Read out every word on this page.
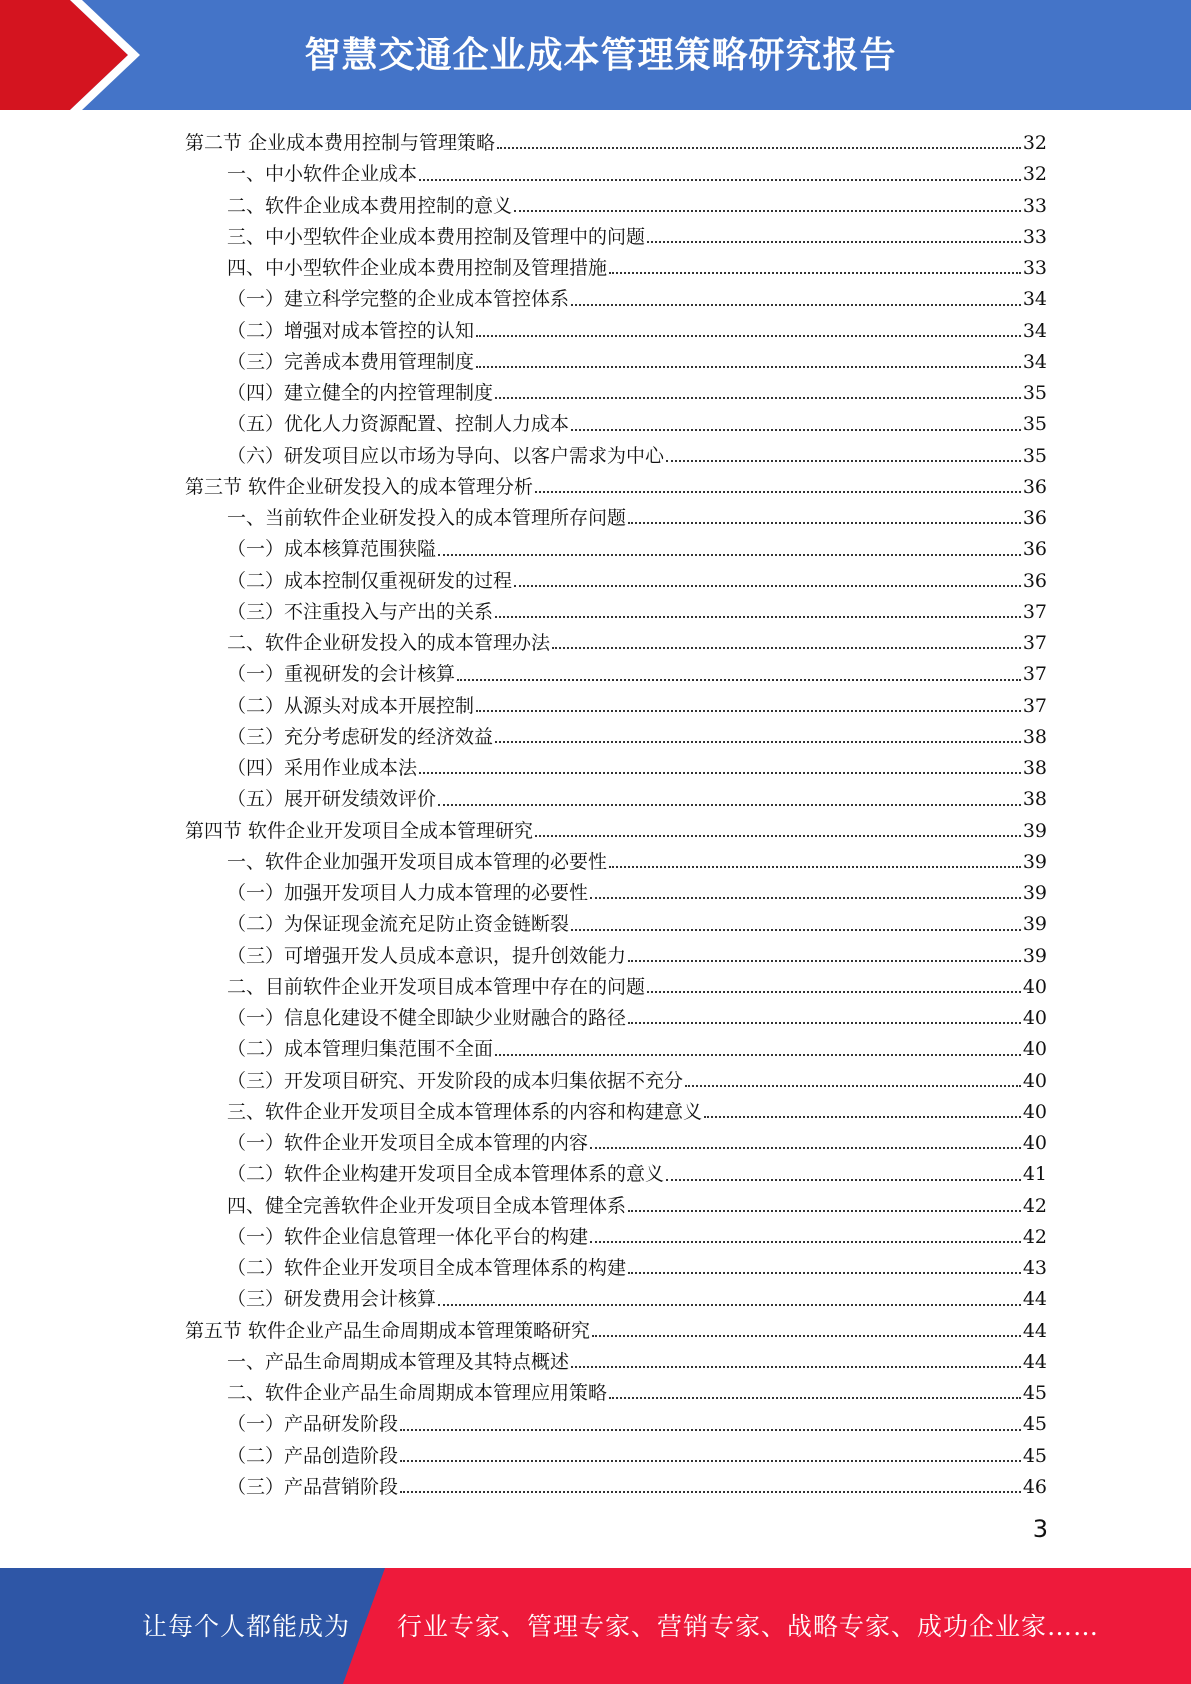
智慧交通企业成本管理策略研究报告
第二节 企业成本费用控制与管理策略	32
一、中小软件企业成本	32
二、软件企业成本费用控制的意义	33
三、中小型软件企业成本费用控制及管理中的问题	33
四、中小型软件企业成本费用控制及管理措施	33
（一）建立科学完整的企业成本管控体系	34
（二）增强对成本管控的认知	34
（三）完善成本费用管理制度	34
（四）建立健全的内控管理制度	35
（五）优化人力资源配置、控制人力成本	35
（六）研发项目应以市场为导向、以客户需求为中心	35
第三节 软件企业研发投入的成本管理分析	36
一、当前软件企业研发投入的成本管理所存问题	36
（一）成本核算范围狭隘	36
（二）成本控制仅重视研发的过程	36
（三）不注重投入与产出的关系	37
二、软件企业研发投入的成本管理办法	37
（一）重视研发的会计核算	37
（二）从源头对成本开展控制	37
（三）充分考虑研发的经济效益	38
（四）采用作业成本法	38
（五）展开研发绩效评价	38
第四节 软件企业开发项目全成本管理研究	39
一、软件企业加强开发项目成本管理的必要性	39
（一）加强开发项目人力成本管理的必要性	39
（二）为保证现金流充足防止资金链断裂	39
（三）可增强开发人员成本意识，提升创效能力	39
二、目前软件企业开发项目成本管理中存在的问题	40
（一）信息化建设不健全即缺少业财融合的路径	40
（二）成本管理归集范围不全面	40
（三）开发项目研究、开发阶段的成本归集依据不充分	40
三、软件企业开发项目全成本管理体系的内容和构建意义	40
（一）软件企业开发项目全成本管理的内容	40
（二）软件企业构建开发项目全成本管理体系的意义	41
四、健全完善软件企业开发项目全成本管理体系	42
（一）软件企业信息管理一体化平台的构建	42
（二）软件企业开发项目全成本管理体系的构建	43
（三）研发费用会计核算	44
第五节 软件企业产品生命周期成本管理策略研究	44
一、产品生命周期成本管理及其特点概述	44
二、软件企业产品生命周期成本管理应用策略	45
（一）产品研发阶段	45
（二）产品创造阶段	45
（三）产品营销阶段	46
3
让每个人都能成为 行业专家、管理专家、营销专家、战略专家、成功企业家……
